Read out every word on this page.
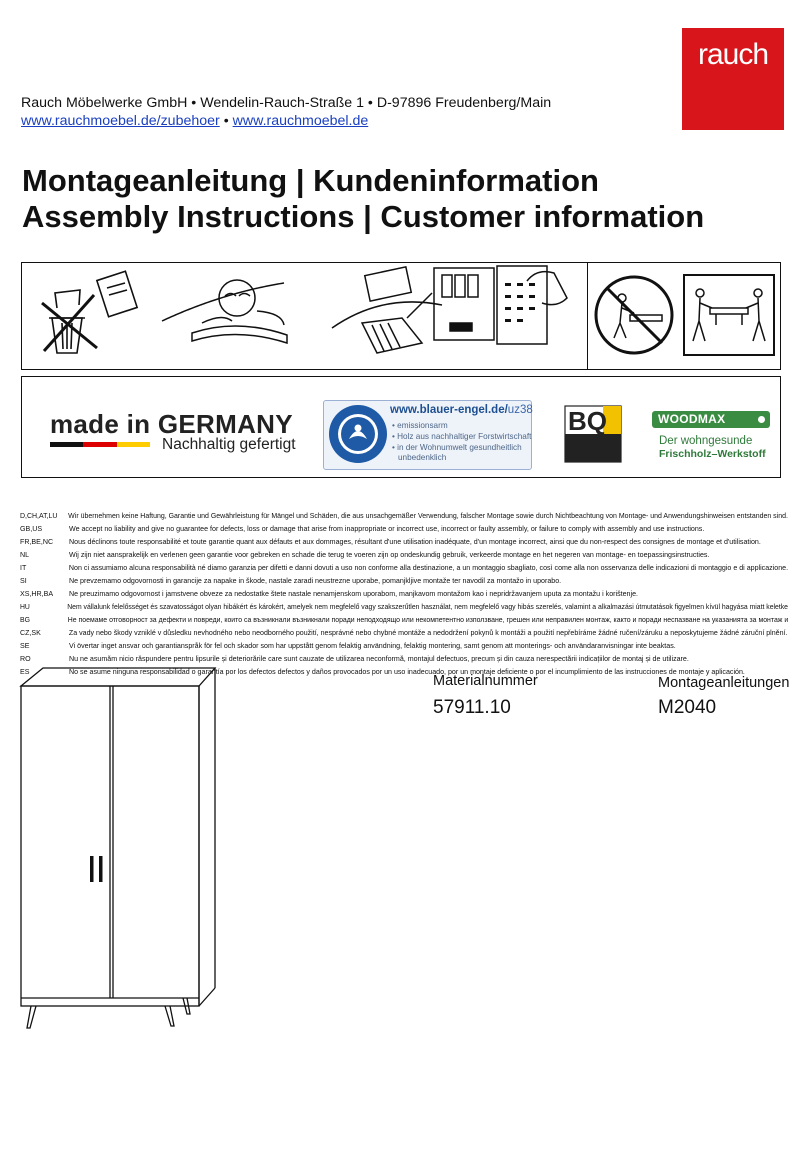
rauch
Rauch Möbelwerke GmbH • Wendelin-Rauch-Straße 1 • D-97896 Freudenberg/Main
www.rauchmoebel.de/zubehoer • www.rauchmoebel.de
Montageanleitung | Kundeninformation
Assembly Instructions | Customer information
made in GERMANY
Nachhaltig gefertigt
www.blauer-engel.de/uz38
• emissionsarm
• Holz aus nachhaltiger Forstwirtschaft
• in der Wohnumwelt gesundheitlich
unbedenklich
BQ	WOODMAX
Der wohngesunde
Frischholz–Werkstoff
D,CH,AT,LU Wir übernehmen keine Haftung, Garantie und Gewährleistung für Mängel und Schäden, die aus unsachgemäßer Verwendung, falscher Montage sowie durch Nichtbeachtung von Montage- und Anwendungshinweisen entstanden sind.
GB,US	We accept no liability and give no guarantee for defects, loss or damage that arise from inappropriate or incorrect use, incorrect or faulty assembly, or failure to comply with assembly and use instructions.
FR,BE,NC Nous déclinons toute responsabilité et toute garantie quant aux défauts et aux dommages, résultant d'une utilisation inadéquate, d'un montage incorrect, ainsi que du non-respect des consignes de montage et d'utilisation.
NL	Wij zijn niet aansprakelijk en verlenen geen garantie voor gebreken en schade die terug te voeren zijn op ondeskundig gebruik, verkeerde montage en het negeren van montage- en toepassingsinstructies.
IT	Non ci assumiamo alcuna responsabilità né diamo garanzia per difetti e danni dovuti a uso non conforme alla destinazione, a un montaggio sbagliato, così come alla non osservanza delle indicazioni di montaggio e di applicazione.
SI	Ne prevzemamo odgovornosti in garancije za napake in škode, nastale zaradi neustrezne uporabe, pomanjkljive montaže ter navodil za montažo in uporabo.
XS,HR,BA Ne preuzimamo odgovornost i jamstvene obveze za nedostatke štete nastale nenamjenskom uporabom, manjkavom montažom kao i nepridržavanjem uputa za montažu i korištenje.
HU	Nem vállalunk felelősséget és szavatosságot olyan hibákért és károkért, amelyek nem megfelelő vagy szakszerűtlen használat, nem megfelelő vagy hibás szerelés, valamint a alkalmazási útmutatások figyelmen kívül hagyása miatt keletke
BG	Не поемаме отговорност за дефекти и повреди, които са възникнали възникнали поради неподходящо или некомпетентно използване, грешен или неправилен монтаж, както и поради неспазване на указанията за монтаж и
CZ,SK	Za vady nebo škody vzniklé v důsledku nevhodného nebo neodborného použití, nesprávné nebo chybné montáže a nedodržení pokynů k montáži a použití nepřebíráme žádné ručení/záruku a neposkytujeme žádné záruční plnění.
SE	Vi övertar inget ansvar och garantianspråk för fel och skador som har uppstått genom felaktig användning, felaktig montering, samt genom att monterings- och användaranvisningar inte beaktas.
RO	Nu ne asumăm nicio răspundere pentru lipsurile și deteriorările care sunt cauzate de utilizarea neconformă, montajul defectuos, precum și din cauza nerespectării indicațiilor de montaj și de utilizare.
ES	No se asume ninguna responsabilidad o garantía por los defectos defectos y daños provocados por un uso inadecuado, por un montaje deficiente o por el incumplimiento de las instrucciones de montaje y aplicación.
Materialnummer
57911.10
Montageanleitungen
M2040
